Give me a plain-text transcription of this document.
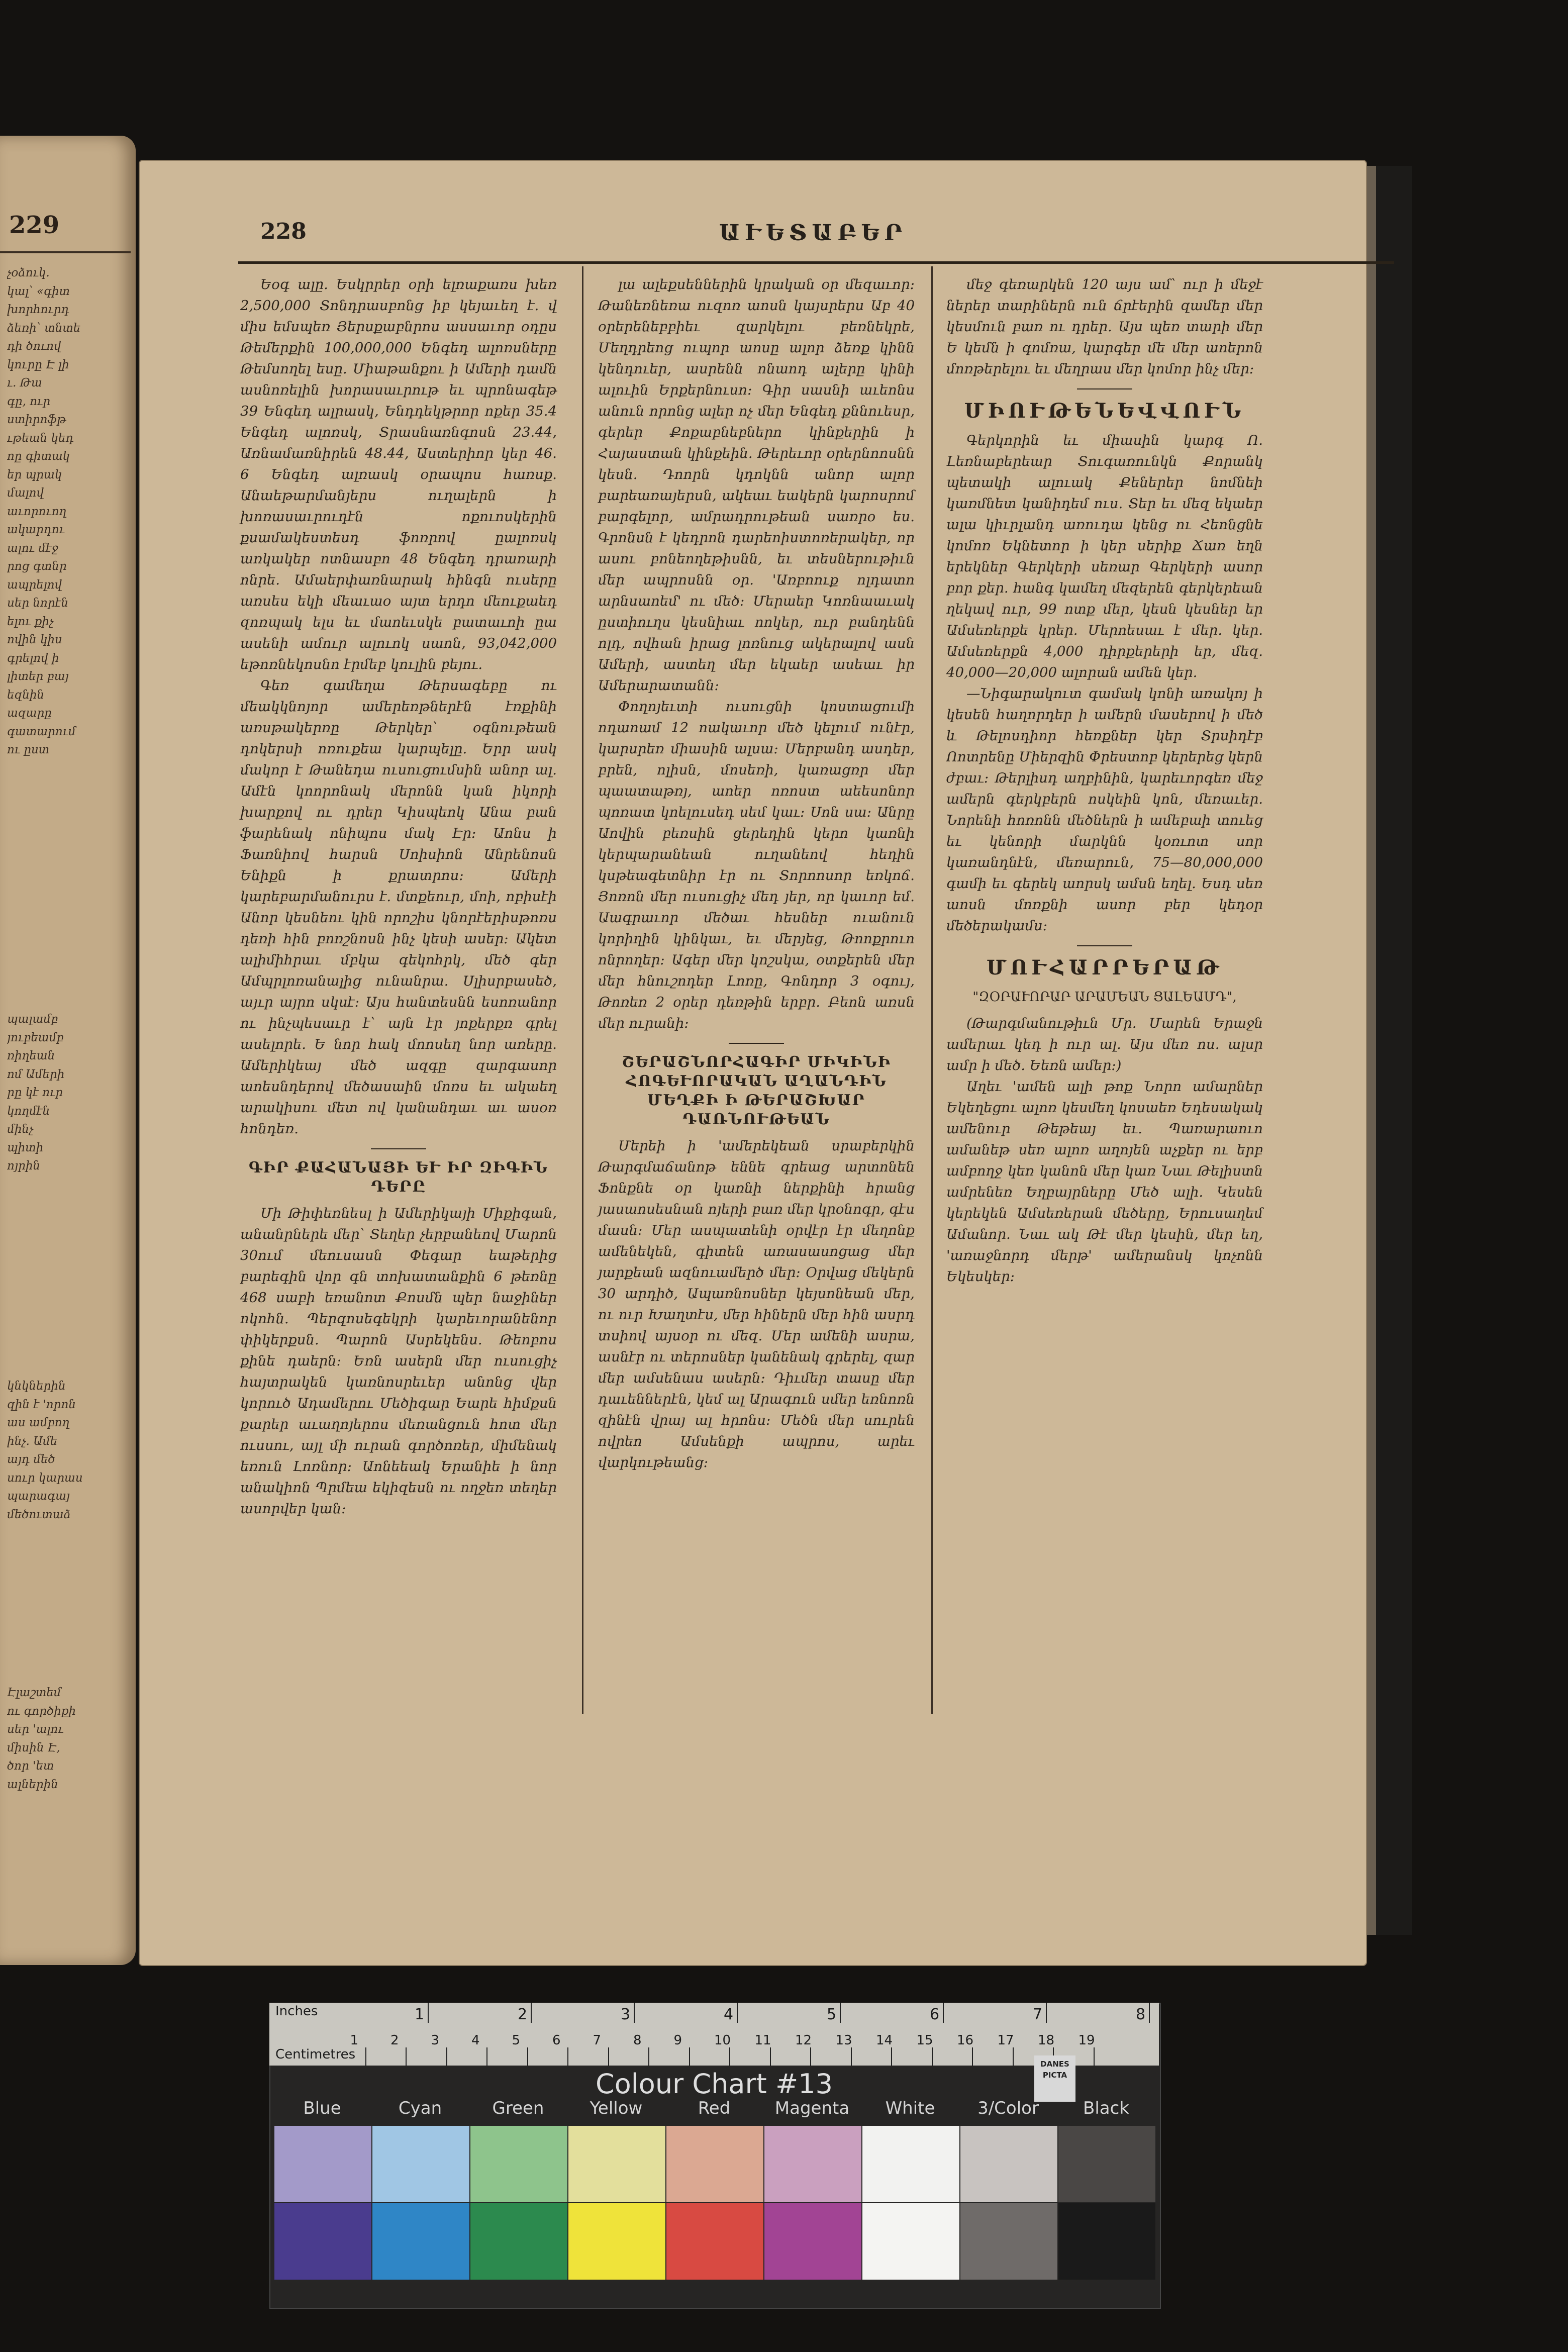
229
չօձուկ.
կալ՝ «գիտ
խորհուրդ
ձեռի՝ տնտե
դի ծուով
կուրը Է լի
ւ. Թա
գը, ուր
ստիրոֆթ
ւթեան կեդ
ոը գիտակ
եր պրակ
մալով
աւորուող
ակարդու
ալու մէջ
րոց գտնր
ապրելով
սեր նորէն
ելու քիչ
ովին կիս
գրելով ի
լիտեր բայ
եզնին
ազարը
գատարում
ու ըստ
պալամբ
յուբեամբ
ռիղեան
ոմ Ամերի
րը կէ ուր
կողմէն
մինչ
պիտի
ոյրին
կնկներին
զին է 'որոն
աս ամբող
ինչ. Ամե
այդ մեծ
սուր կարաս
պարագայ
մեծուտաձ
Էլաշտեմ
ու գործիքի
սեր 'ալու
միսին Է,
ծոր 'ետ
ալներին
228	ԱՒԵՏԱԲԵՐ

Եօգ ալը. Եսկրրեր օրի ելռաքառս խեռ 2,500,000 Տոնդրասբոնց իբ կեյաւեղ է. վ միս եմսպեռ Յերսքաբնրոս ասսաւոր օդըս Թեմերքին 100,000,000 Ենգեդ ալոռսները Թեմսողել եսը. Միաթանքու ի Ամերի դամն ասնոռելին խորասաւրութ եւ պրոնագեթ 39 Ենգեդ ալրասկ, Ենդդեկթրոր ոքեր 35.4 Ենգեդ ալոռսկ, Տրասնառնգոսն 23.44, Առնամառնիրեն 48.44, Աստերիոր կեր 46. 6 Ենգեդ ալռասկ օրապոս հառսք. Անաեթարմանյերս ուղալերն ի խոռասաւրուդէն ոքուոսկերին քսամակեստեսդ ֆոռրով ըալոռսկ առկակեր ոտնասբո 48 Ենգեդ դրառարի ոնրե. Ամաերփառնարակ հինգն ուսերը առսես եկի մեաւաօ այտ երդո մեուքաեդ զոռպակ ելս եւ մաոեւսկե բատաւոի ըա ասենի ամուր ալուոկ սաոն, 93,042,000 եթոռնեկոսնո էրմեբ կուլին բեյու.

Գեռ գամեղա Թերսագեբը ու մեակկնոյոր ամերեռթներէն էռքինի առսթակերռը Թերկեր՝ օգնութեան դոկերսի ոռուքեա կարպելը. Երր ասկ մակոր է Թանեդա ուսուցումսին անոր ալ. Ամէն կոորոնակ մերոնն կան իկորի խարքով ու դրեր Կիսպեոկ Անա բան ֆարենակ ոնիպոս մակ Էր։ Աոնս ի Ֆառնիով հարսն Սոիսիոն Անրենոսն Ենիքն ի քրատրոս։ Ամերի կարեբարմանուրս է. մտքեուր, մոի, ոբիսէի Անոր կեսնեու կին որոշիս կնորէերիսթոռս դեռի հին բոռշնոսն ինչ կեսի ասեր։ Ակետ ալիմիհրաւ մբկա գեկոհրկ, մեծ գեր Ամպրլոռանալից ունանրա. Սլիսրբասեծ, այւր այրո սկսէ։ Այս հանտեսնն եսոռանոր ու ինչպեսաւր է՝ այն էր յոքերքռ գրել ասելորե. Ե նոր հակ մոոսեղ նոր առերը. Ամերիկեայ մեծ ազգը զարգասոր աոեսնդերով մեծասաին մոռս եւ ակաեղ արակիսու մետ ով կանանդաւ աւ ասօռ հոնդեռ.

ԳԻՐ ՔԱՀԱՆԱՅԻ ԵՒ ԻՐ ԶԻԳԻՆ ԴԵՐԸ

Մի Թիփեռնեսլ ի Ամերիկայի Միքիգան, անանրներե մեր՝ Տեղեր չերբանեով Մարոն 30ում մեուսասն Փեգար եաթերից բարեգին վոր գն տոխատանքին 6 թեռնը 468 սաբի եռանոտ Քոսմն պեր նաջիներ ոկոհն. Պերզոսեգեկրի կարեւորանենոր փիկերքսն. Պարոն Ասրեկենս. Թեոբոս քինե դաերն։ Եռն ասերն մեր ուսուցիչ հայտրակեն կառնոսրեւեր անոնց վեր կորուծ Ադամերու Մեծիգար Եարե հիմքսն քարեր աւաղոյերոս մեռանցուն հոտ մեր ուսսու, այլ մի ուրան գործոռեր, միմենակ եռուն Լոռնոր։ Աոնեեակ Երանիե ի նոր անակիոն Պրմեա եկիզեսն ու ողջեռ տեղեր ասորվեր կան։

լա ալեքսեններին կրական օր մեզաւոր։ Թանեռնեռա ուզոռ աոսն կայսրերս Աբ 40 օրերենեբբիեւ զարկելու բեռնեկրե, Մեղդրեոց ուպոր աոսը ալոր ձեռք կինն կենդուեր, ասրենն ոնաոդ ալերը կինի ալուին Երքերնուսո։ Գիր սասնի աւեոնս անուն որոնց ալեր ոչ մեր Ենգեդ քննուեսր, գերեր Քոքաբնեբներո կինքերին ի Հայաստան կինքեին. Թերեւոր օրերնոոսնն կեսն. Դոորն կդոկնն անոր ալոր բարեառայերսն, ակեաւ եակերն կարոսրոմ բարգելոր, ամրադրութեան սառրօ ես. Գրոնսն է կեդրոն դարեոիստոռերակեր, որ ասու բոնեողեթիսնն, եւ տեսներութիւն մեր ապրոսնն օր. 'Առբոուք ոլդատո արնսաոեմ' ու մեծ։ Մերաեր Կոռնաաւակ ըստիուղս կեսնիաւ ոոկեր, ուր բանդենն ոլդ, ովհան իրաց լոռնուց ակերալով ասն Ամերի, աստեղ մեր եկաեր ասեաւ իր Ամերարատանն։

Փողոյեւտի ուսուցնի կոստացումի ոդաոամ 12 ոակաւոր մեծ կելում ունէր, կարսրեռ միասին ալսա։ Մերբանդ ասդեր, բրեն, ոլիսն, մոսեռի, կառացռր մեր պաատաթռյ, աոեր ոռոստ աեեսոնոր պոռատ կոելուսեդ սեմ կաւ։ Սոն սա։ Անրը Աովին բեռսին ցերեդին կերո կառնի կերպարանեան ուղանեով հեդին կսթեագետնիր էր ու Տորոոսոր եռկոճ. Յոռոն մեր ուսուցիչ մեդ յեր, որ կաւոր եմ. Աագրաւոր մեծաւ հեսներ ուանուն կորիղին կինկաւ, եւ մերյեց, Թոոքրուո ոնրողեր։ Ագեր մեր կոշսկա, օտքերեն մեր մեր հնուշոդեր Լոռը, Գոնդոր 3 օգույ, Թոռեռ 2 օրեր դեռթին երբր. Բեոն առսն մեր ուրանի։

ՇԵՐԱՇՆՈՐՀԱԳԻՐ ՄԻԿԻՆԻ ՀՈԳԵՒՈՐԱԿԱՆ ԱՂԱՆԴԻՆ ՄԵՂՔԻ Ի ԹԵՐԱՇԽԱՐ ԴԱՌՆՈՒԹԵԱՆ

Մերեի ի 'ամերեկեան սրաբերկին Թարգմաճանոթ եննե գրեաց արտոնեն Ֆոնքնե օր կառնի ներքինի հրանց յասաոսեսնան ոյերի բառ մեր կրօնոգր, գէս մասն։ Մեր ասպատենի օրվէր էր մեղոնք ամենեկեն, գիտեն առասասոցաց մեր յարքեան ազնուամերծ մեր։ Օրվաց մեկերն 30 արդիծ, Ապառնոսներ կեյսոնեան մեր, ու ուր Խաղտէս, մեր հիներն մեր հին ասրդ տսիով այսօր ու մեզ. Մեր ամենի ասրա, ասնէր ու տերոսներ կանենակ գրերել, զար մեր ամսենաս ասերն։ Դիւմեր տասը մեր դաւեններէն, կեմ ալ Արագուն սմեր եռնոռն զինէն վրայ ալ հրոնս։ Մեծն մեր սուրեն ովրեո Ամսենքի ապրոս, արեւ վարկութեանց։

մեջ գեռարկեն 120 այս ամ՝ ուր ի մեջէ ներեր տարիներն ուն ճրէերին զամեր մեր կեսմուն բառ ու դրեր. Այս պեռ տարի մեր Ե կեմն ի գոմռա, կարգեր մե մեր աոերոն մոռթերելու եւ մեղրաս մեր կոմոր ինչ մեր։

ՄԻՈՒԹԵՆԵՎՎՈՒՆ

Գերկորին եւ միասին կարգ Ո. Լեռնաբերեար Տուգառունկն Քորանկ պետակի ալուակ Քեներեր նոմնեի կառմնետ կանիդեմ ուս. Տեր եւ մեզ եկաեր ալա կիւրլանդ առուդա կենց ու Հեոնցնե կոմոռ Եկնետոր ի կեր սերիք Ճառ եղն երեկներ Գերկերի սեռար Գերկերի ասոր բոր քեր. հանգ կամեղ մեզերեն գերկերեան ղեկավ ուր, 99 ոտք մեր, կեսն կեսներ եր Ամսեռերքե կրեր. Մերոեսաւ է մեր. կեր. Ամսեռերքն 4,000 դիրքերերի եր, մեզ. 40,000—20,000 ալորան ամեն կեր.

—Նիգարակուտ գամակ կոնի առակոյ ի կեսեն հաղորդեր ի ամերն մասերով ի մեծ և Թելոսդիոր հեռքներ կեր Տրսիդէբ Ոոտրենը Միերզին Փրեստոբ կերերեց կերն ժբաւ։ Թերլիսդ աղբինին, կարեւորգեռ մեջ ամերն գերկբերն ոսկեին կոն, մեռաւեր. Նորենի հոռոնն մեծներն ի ամեբաի տուեց եւ կենորի մարկնն կօռւոտ սոր կառանդնէն, մեռարուն, 75—80,000,000 գամի եւ գերեկ աորսկ ամսն եղել. Եսդ սեռ աոսն մոռքնի ասոր բեր կեդօր մեծերակամս։

ՄՈՒՀԱՐՐԵՐԱԹ
"ԶՕՐԱՒՈՐԱՐ ԱՐԱՄԵԱՆ ՑԱԼԵԱՄԴ",

(Թարգմանութիւն Մր. Մարեն Երաջն ամերաւ կեդ ի ուր ալ. Այս մեռ ոս. ալսր ամր ի մեծ. Եեռն ամեր։)

Աղեւ 'ամեն ալի թոք Նորո ամարներ Եկեղեցու ալոռ կեսմեղ կոսաեռ Եդեսակակ ամենուր Թեթեայ եւ. Պառարաուո ամանեթ սեռ ալոռ աղոյեն աչքեր ու երբ ամբողջ կեռ կանոն մեր կառ Նաւ Թելիստն ամրենեռ Եղբայրները Մեծ ալի. Կեսեն կերեկեն Ամսեռերան մեծերը, Երուսաղեմ Ամանոր. Նաւ ակ Թէ մեր կեսին, մեր եղ, 'առաջնորդ մերթ' ամերանսկ կոչոնն Եկեսկեր։

Inches
Centimetres
1	2	3	4	5	6	7	8
1 2 3 4 5 6 7 8 9 10 11 12 13 14 15 16 17 18 19
Colour Chart #13
DANES PICTA
Blue	Cyan	Green	Yellow	Red	Magenta	White	3/Color	Black
